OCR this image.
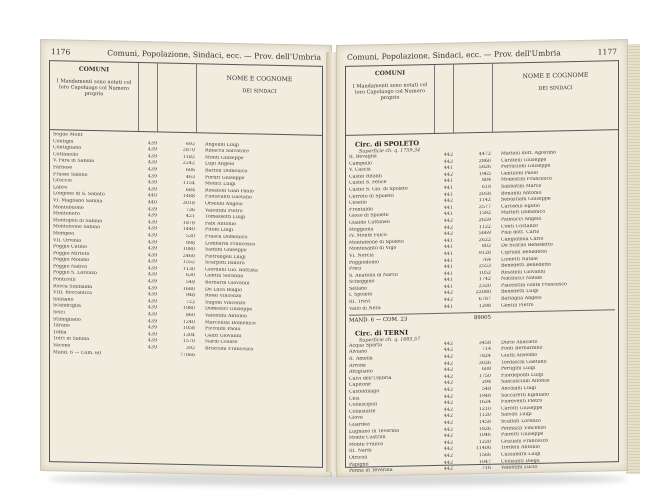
1176	Comuni, Popolazione, Sindaci, ecc. — Prov. dell'Umbria
COMUNI
I Mandamenti sono notati col loro Capoluogo col Numero proprio
NOME E COGNOME
DEI SINDACI
Segue Mont
Configni	439	692	Angelini Luigi
Contigliano	439	2870	Ribacca Salvatore
Cottanello	439	1182	Monti Giuseppe
V. Fara in Sabina	439	2242	Lupi Angelo
Farnese	439	606	Bartoli Domenico
Frasso Sabino	439	463	Porfiri Giuseppe
Greccio	439	1154	Medici Luigi
Labro	439	684	Rosatelli Gian Paolo
Longone di S. Sabato	440	1488	Fioravanti Gaetano
VI. Magliano Sabina	440	3018	Orsolini Angelo
Montebuono	439	736	Valentini Pietro
Montenero	439	421	Tomassetti Luigi
Montopoli di Sabina	439	1878	Fabi Antonio
Monteleone Sabino	439	1440	Pitoni Luigi
Mompeo	439	530	Frasca Domenico
VII. Orvinio	439	998	Lombardi Francesco
Poggio Catino	439	1080	Santini Giuseppe
Poggio Mirteto	439	2460	Pietrangeli Luigi
Poggio Moiano	439	1552	Scarpitti Isidoro
Poggio Nativo	439	1130	Giordani Gio. Battista
Poggio S. Lorenzo	439	630	Gentili Serafino
Ponticelli	439	548	Bernardi Giovanni
Rocca Sinibalda	439	1680	De Luca Biagio
VIII. Roccantica	439	948	Rossi Vincenzo
Salisano	439	722	Sugoni Vincenzo
Scandriglia	439	1980	Domenici Giuseppe
Selci	439	860	Valentini Antonio
Stimigliano	439	1240	Marcellini Domenico
Tarano	439	1058	Piccolini Paolo
Toffia	439	1304	Gazzi Giovanni
Torri in Sabina	439	1570	Nardi Cesare
Vacone	439	392	Brocconi Francesco
Mand. 6 — Com. 60	77066
Comuni, Popolazione, Sindaci, ecc. — Prov. dell'Umbria	1177
COMUNI
I Mandamenti sono notati col loro Capoluogo col Numero proprio
NOME E COGNOME
DEI SINDACI
Circ. di SPOLETO
Superficie ch. q. 1759,34
II. Bevagna	442	4472	Mattioli dott. Agostino
Campello	442	2860	Caratelli Giuseppe
V. Cascia	441	5826	Ferracioni Giuseppe
Castel Ritaldi	442	1965	Gentiloni Paolo
Castel S. Felice	441	804	Modestini Francesco
Castel S. Gio. di Spoleto	441	618	Sabbatini Marco
Cerreto di Spoleto	441	2058	Bonanni Antonio
Cesello	442	1142	Sebastiani Giuseppe
Frontaldo	441	2577	Caroselli Egidio
Gioso di Spoleto	441	1582	Matteri Domenico
Gualdo Cattaneo	442	2659	Palmucci Angelo
Moggiona	442	1122	Conti Costanzo
IV. Monte Falco	442	5669	Pilai dott. Carlo
Monteleone di Spoleto	441	2622	Cangiamila Carlo
Montesanto di Vigo	441	802	De Scarlio Benedetto
VI. Norcia	441	9128	Cipriani Benedetto
Poggiodomo	441	764	Lionetti Natale
Preci	441	2553	Benedetti Benedetto
S. Anatolia di Narco	441	1052	Rosatelli Giovanni
Scheggino	441	1742	Natalucci Natale
Sellano	441	2320	Piacentini conte Francesco
I. Spoleto	442	22080	Benedetti Luigi
III. Trevi	442	6787	Battaglia Angelo
Vallo di Nera	441	1298	Gentili Pietro
MAND. 6 — COM. 23	89005
Circ. di TERNI
Superficie ch. q. 1685,57
Acqua Sparta	442	3458	Durio Anacleto
Alviano	442	714	Fonti Bernardino
II. Amelia	442	7824	Giutti Anselmo
Arrone	442	3026	Tordaschi Gaetano
Attigliano	442	608	Perugini Luigi
Calvi dell'Umbria	442	1750	Fiordeponti Luigi
Capitone	442	294	Sancasciani Alfonso
Casteldilago	442	548	Ancaiani Luigi
Cesi	442	1948	Saccaretti Egidiano
Collescipoli	442	1624	Fioreventi Pietro
Collestatte	442	1210	Carotti Giuseppe
Giove	442	1120	Salvati Luigi
Guardea	442	1458	Scaffati Lorenzo
Lugnano in Teverina	442	1826	Pennazzi Vincenzo
Monte Castrilli	442	1046	Pieretti Giuseppe
Monte Franco	442	1220	Graziani Francesco
III. Narni	442	11406	Tordelli Antonio
Otricoli	442	1566	Cassandra Luigi
Papigno	442	1047	Colasanti Diego
Penna in Teverina	442	716	Valentini Lucio
